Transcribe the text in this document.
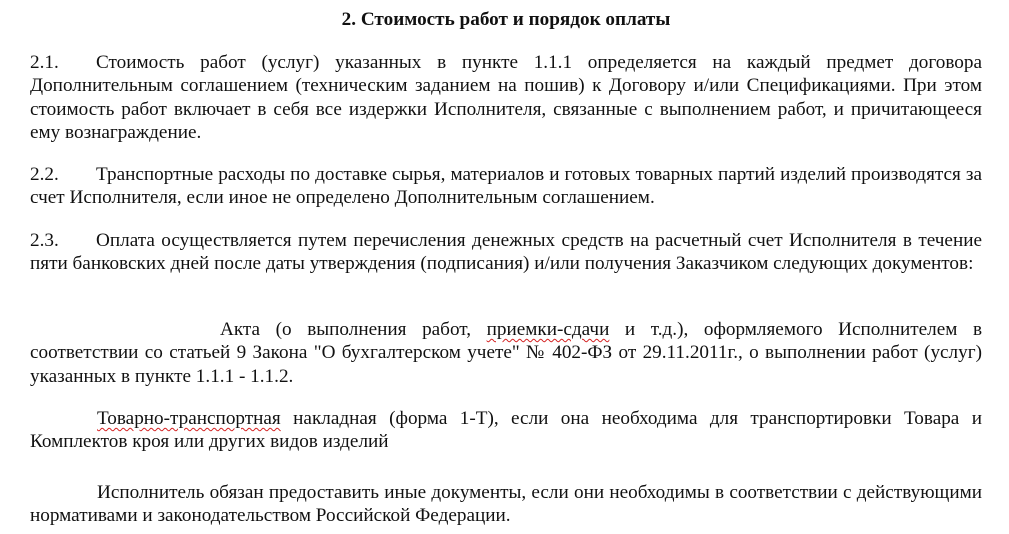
2. Стоимость работ и порядок оплаты

2.1. Стоимость работ (услуг) указанных в пункте 1.1.1 определяется на каждый предмет договора Дополнительным соглашением (техническим заданием на пошив) к Договору и/или Спецификациями. При этом стоимость работ включает в себя все издержки Исполнителя, связанные с выполнением работ, и причитающееся ему вознаграждение.

2.2. Транспортные расходы по доставке сырья, материалов и готовых товарных партий изделий производятся за счет Исполнителя, если иное не определено Дополнительным соглашением.

2.3. Оплата осуществляется путем перечисления денежных средств на расчетный счет Исполнителя в течение пяти банковских дней после даты утверждения (подписания) и/или получения Заказчиком следующих документов:

Акта (о выполнения работ, приемки-сдачи и т.д.), оформляемого Исполнителем в соответствии со статьей 9 Закона "О бухгалтерском учете" № 402-ФЗ от 29.11.2011г., о выполнении работ (услуг) указанных в пункте 1.1.1 - 1.1.2.

Товарно-транспортная накладная (форма 1-Т), если она необходима для транспортировки Товара и Комплектов кроя или других видов изделий

Исполнитель обязан предоставить иные документы, если они необходимы в соответствии с действующими нормативами и законодательством Российской Федерации.
